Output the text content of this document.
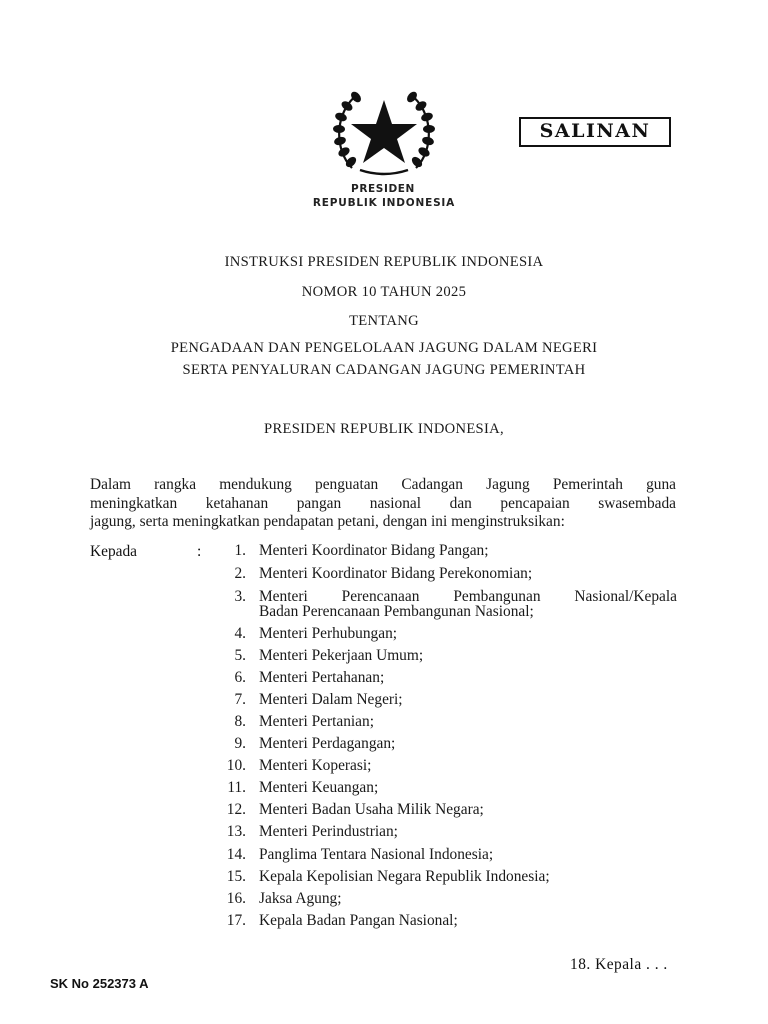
PRESIDEN
REPUBLIK INDONESIA
SALINAN
INSTRUKSI PRESIDEN REPUBLIK INDONESIA
NOMOR 10 TAHUN 2025
TENTANG
PENGADAAN DAN PENGELOLAAN JAGUNG DALAM NEGERI
SERTA PENYALURAN CADANGAN JAGUNG PEMERINTAH
PRESIDEN REPUBLIK INDONESIA,
Dalam rangka mendukung penguatan Cadangan Jagung Pemerintah guna
meningkatkan ketahanan pangan nasional dan pencapaian swasembada
jagung, serta meningkatkan pendapatan petani, dengan ini menginstruksikan:
Kepada	:	1. Menteri Koordinator Bidang Pangan;
2. Menteri Koordinator Bidang Perekonomian;
3. Menteri Perencanaan Pembangunan Nasional/Kepala
Badan Perencanaan Pembangunan Nasional;
4. Menteri Perhubungan;
5. Menteri Pekerjaan Umum;
6. Menteri Pertahanan;
7. Menteri Dalam Negeri;
8. Menteri Pertanian;
9. Menteri Perdagangan;
10. Menteri Koperasi;
11. Menteri Keuangan;
12. Menteri Badan Usaha Milik Negara;
13. Menteri Perindustrian;
14. Panglima Tentara Nasional Indonesia;
15. Kepala Kepolisian Negara Republik Indonesia;
16. Jaksa Agung;
17. Kepala Badan Pangan Nasional;
18. Kepala . . .
SK No 252373 A
